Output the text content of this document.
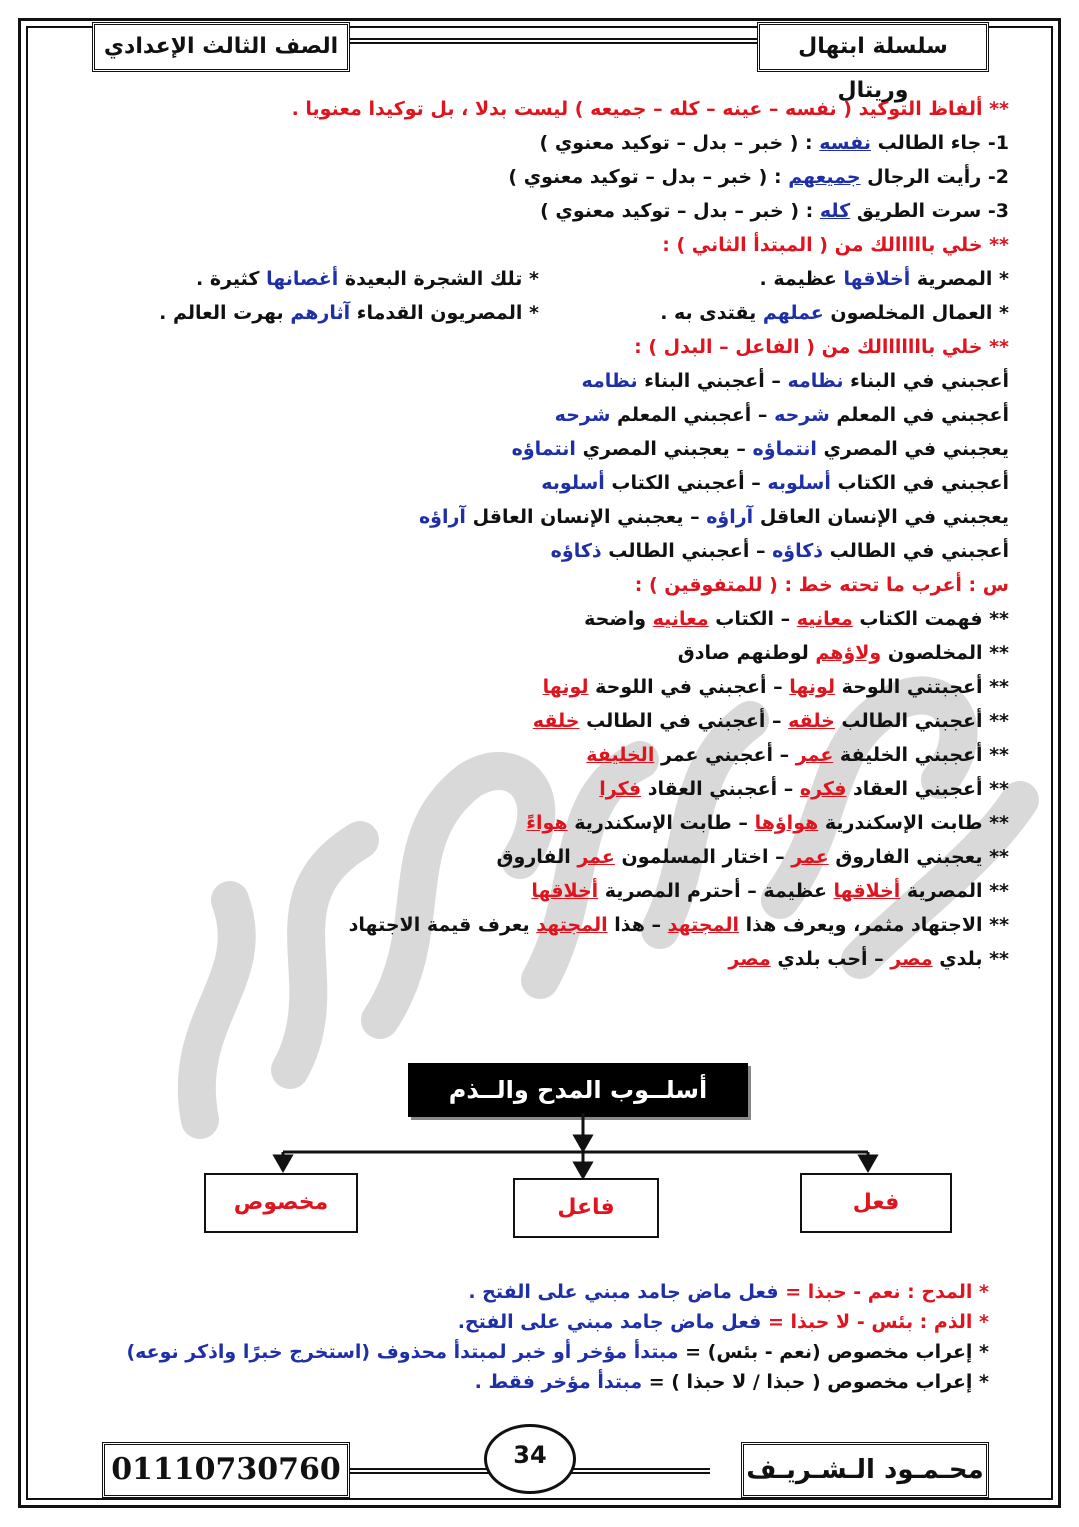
سلسلة ابتهال وريتال
الصف الثالث الإعدادي
** ألفاظ التوكيد ( نفسه – عينه – كله – جميعه ) ليست بدلا ، بل توكيدا معنويا .
1- جاء الطالب نفسه : ( خبر – بدل – توكيد معنوي )
2- رأيت الرجال جميعهم : ( خبر – بدل – توكيد معنوي )
3- سرت الطريق كله : ( خبر – بدل – توكيد معنوي )
** خلي بااااالك من ( المبتدأ الثاني ) :
* المصرية أخلاقها عظيمة .
* تلك الشجرة البعيدة أغصانها كثيرة .
* العمال المخلصون عملهم يقتدى به .
* المصريون القدماء آثارهم بهرت العالم .
** خلي بااااااالك من ( الفاعل – البدل ) :
أعجبني في البناء نظامه – أعجبني البناء نظامه
أعجبني في المعلم شرحه – أعجبني المعلم شرحه
يعجبني في المصري انتماؤه – يعجبني المصري انتماؤه
أعجبني في الكتاب أسلوبه – أعجبني الكتاب أسلوبه
يعجبني في الإنسان العاقل آراؤه – يعجبني الإنسان العاقل آراؤه
أعجبني في الطالب ذكاؤه – أعجبني الطالب ذكاؤه
س : أعرب ما تحته خط : ( للمتفوقين ) :
** فهمت الكتاب معانيه – الكتاب معانيه واضحة
** المخلصون ولاؤهم لوطنهم صادق
** أعجبتني اللوحة لونها – أعجبني في اللوحة لونها
** أعجبني الطالب خلقه – أعجبني في الطالب خلقه
** أعجبني الخليفة عمر – أعجبني عمر الخليفة
** أعجبني العقاد فكره – أعجبني العقاد فكرا
** طابت الإسكندرية هواؤها – طابت الإسكندرية هواءً
** يعجبني الفاروق عمر – اختار المسلمون عمر الفاروق
** المصرية أخلاقها عظيمة – أحترم المصرية أخلاقها
** الاجتهاد مثمر، ويعرف هذا المجتهد – هذا المجتهد يعرف قيمة الاجتهاد
** بلدي مصر – أحب بلدي مصر
أسلــوب المدح والــذم
فعل
فاعل
مخصوص
* المدح : نعم - حبذا = فعل ماض جامد مبني على الفتح .
* الذم : بئس - لا حبذا = فعل ماض جامد مبني على الفتح.
* إعراب مخصوص (نعم - بئس) = مبتدأ مؤخر أو خبر لمبتدأ محذوف (استخرج خبرًا واذكر نوعه)
* إعراب مخصوص ( حبذا / لا حبذا ) = مبتدأ مؤخر فقط .
محـمـود الـشـريـف
34
01110730760
